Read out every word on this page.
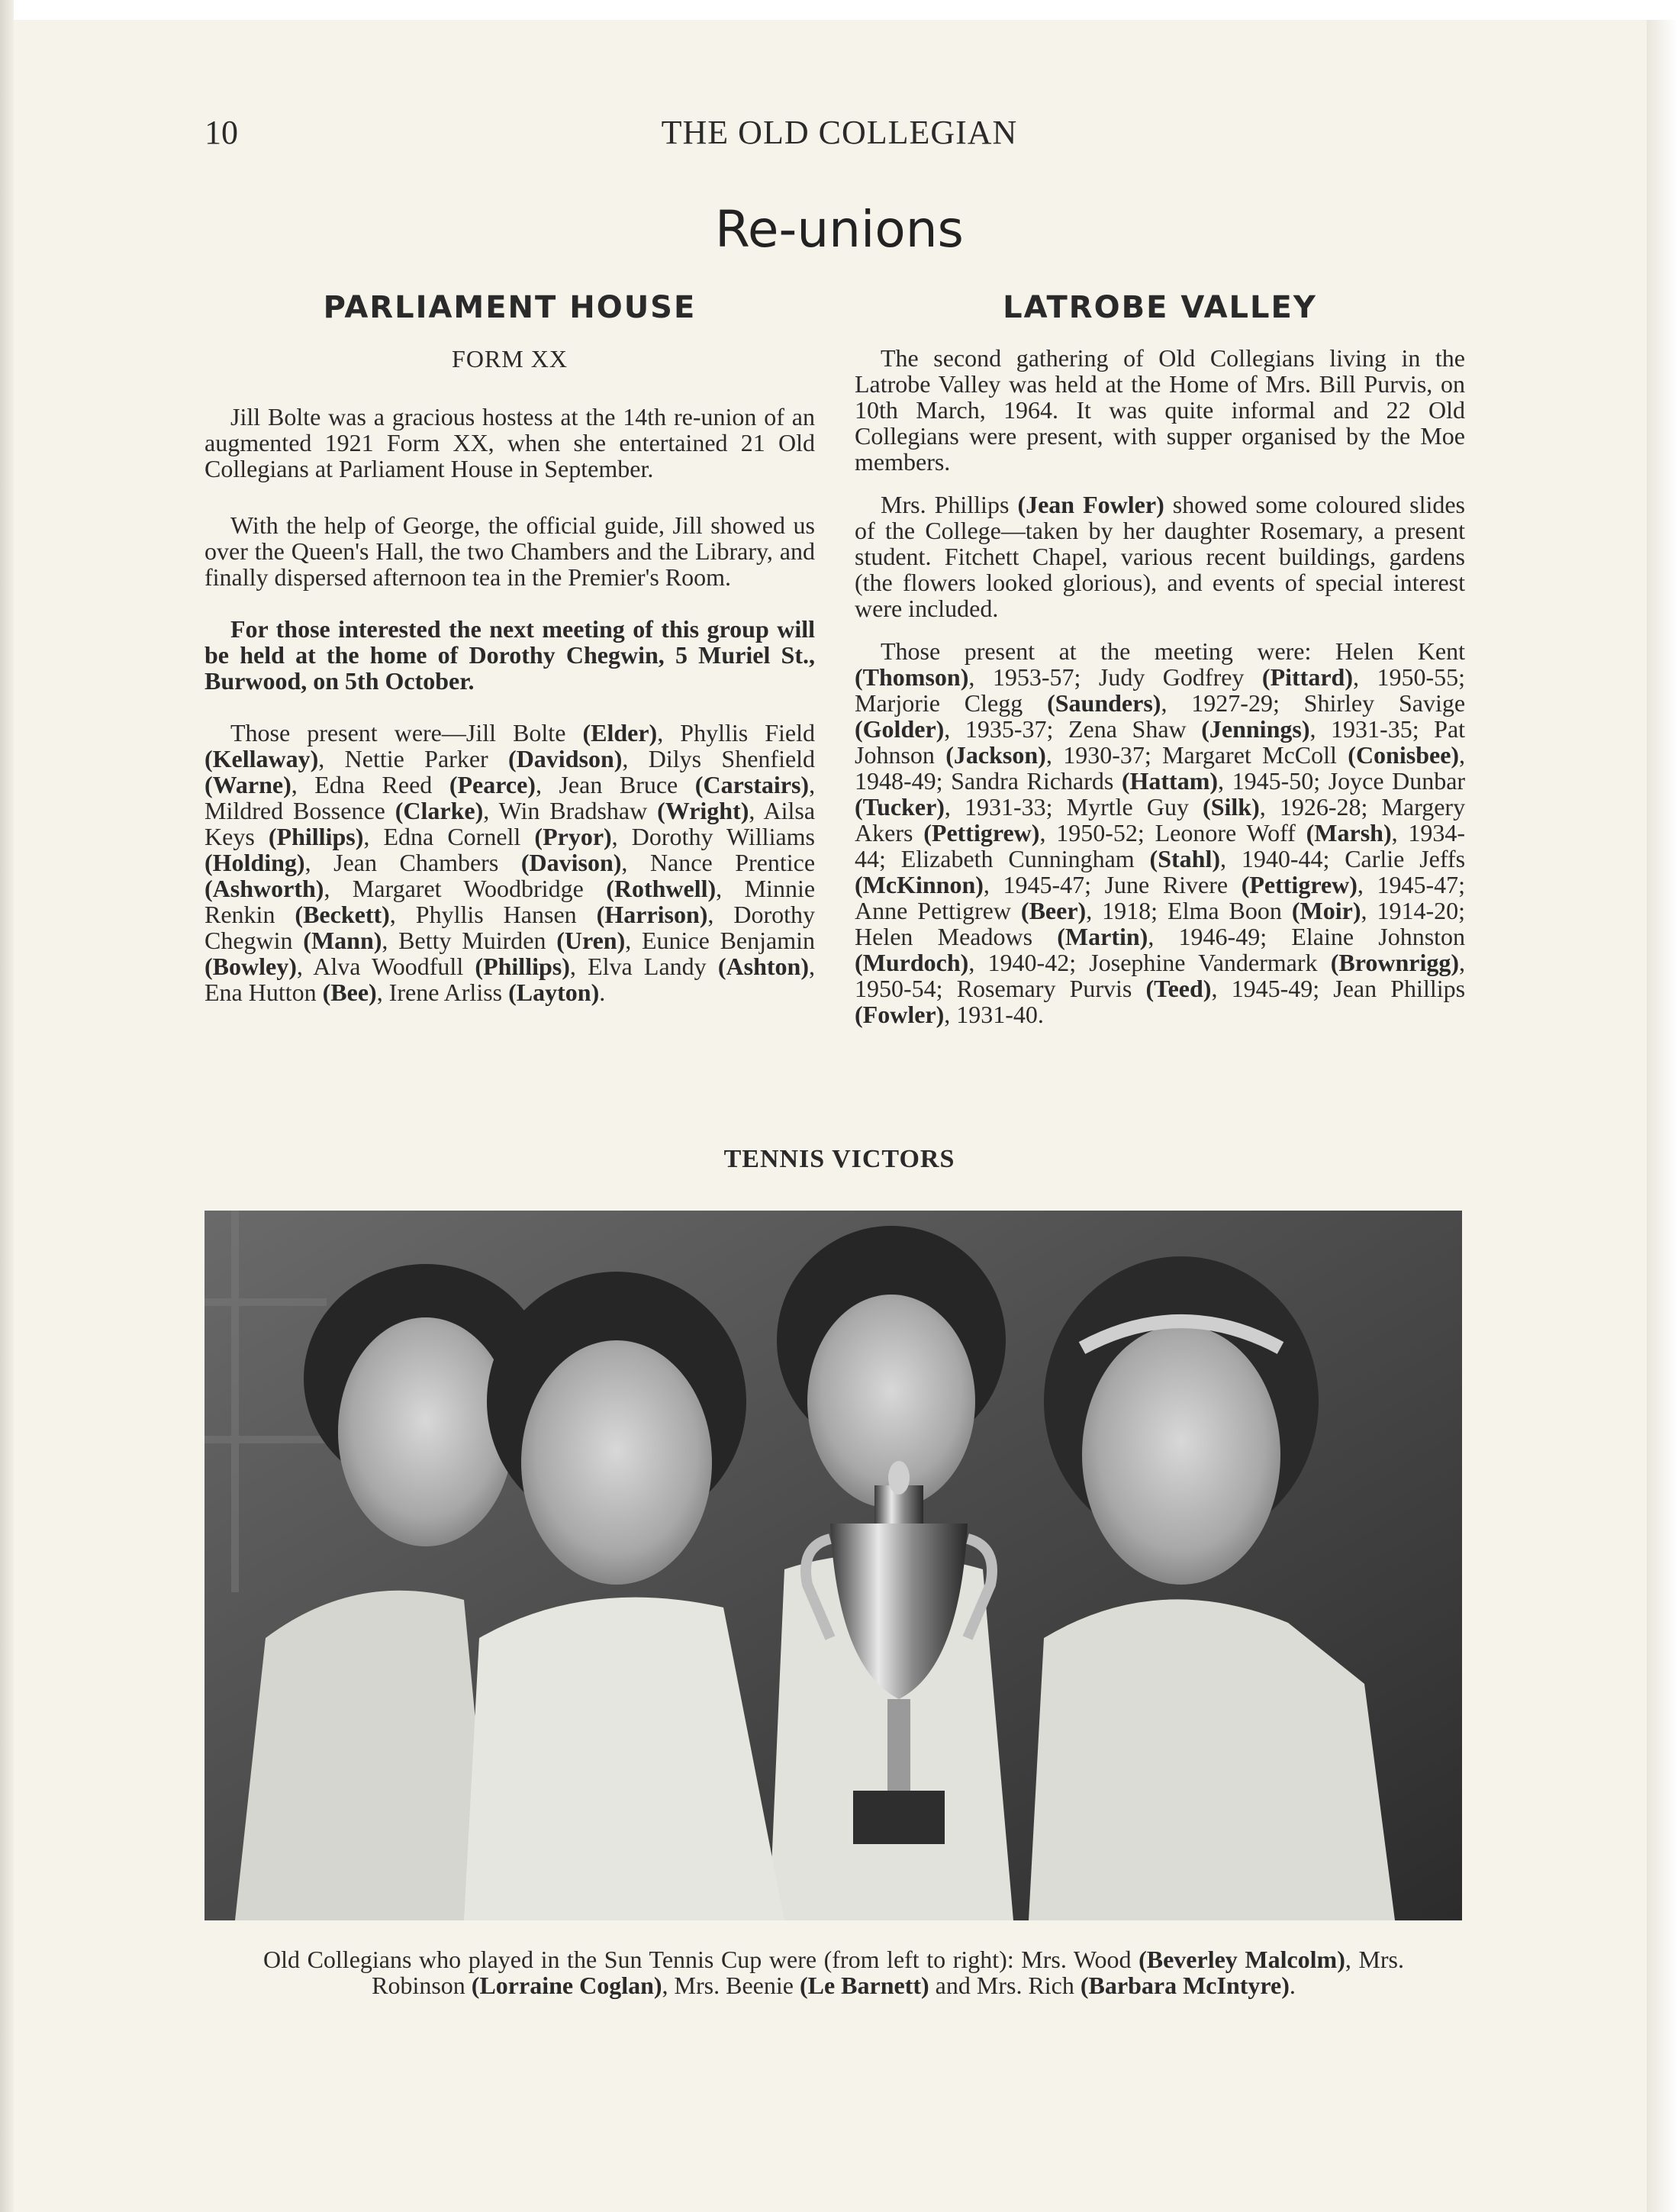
10	THE OLD COLLEGIAN
Re-unions
PARLIAMENT HOUSE
FORM XX

Jill Bolte was a gracious hostess at the 14th re-union of an augmented 1921 Form XX, when she entertained 21 Old Collegians at Parliament House in September.

With the help of George, the official guide, Jill showed us over the Queen's Hall, the two Chambers and the Library, and finally dispersed afternoon tea in the Premier's Room.

For those interested the next meeting of this group will be held at the home of Dorothy Chegwin, 5 Muriel St., Burwood, on 5th October.

Those present were—Jill Bolte (Elder), Phyllis Field (Kellaway), Nettie Parker (Davidson), Dilys Shenfield (Warne), Edna Reed (Pearce), Jean Bruce (Carstairs), Mildred Bossence (Clarke), Win Bradshaw (Wright), Ailsa Keys (Phillips), Edna Cornell (Pryor), Dorothy Williams (Holding), Jean Chambers (Davison), Nance Prentice (Ashworth), Margaret Woodbridge (Rothwell), Minnie Renkin (Beckett), Phyllis Hansen (Harrison), Dorothy Chegwin (Mann), Betty Muirden (Uren), Eunice Benjamin (Bowley), Alva Woodfull (Phillips), Elva Landy (Ashton), Ena Hutton (Bee), Irene Arliss (Layton).

LATROBE VALLEY

The second gathering of Old Collegians living in the Latrobe Valley was held at the Home of Mrs. Bill Purvis, on 10th March, 1964. It was quite informal and 22 Old Collegians were present, with supper organised by the Moe members.

Mrs. Phillips (Jean Fowler) showed some coloured slides of the College—taken by her daughter Rosemary, a present student. Fitchett Chapel, various recent buildings, gardens (the flowers looked glorious), and events of special interest were included.

Those present at the meeting were: Helen Kent (Thomson), 1953-57; Judy Godfrey (Pittard), 1950-55; Marjorie Clegg (Saunders), 1927-29; Shirley Savige (Golder), 1935-37; Zena Shaw (Jennings), 1931-35; Pat Johnson (Jackson), 1930-37; Margaret McColl (Conisbee), 1948-49; Sandra Richards (Hattam), 1945-50; Joyce Dunbar (Tucker), 1931-33; Myrtle Guy (Silk), 1926-28; Margery Akers (Pettigrew), 1950-52; Leonore Woff (Marsh), 1934-44; Elizabeth Cunningham (Stahl), 1940-44; Carlie Jeffs (McKinnon), 1945-47; June Rivere (Pettigrew), 1945-47; Anne Pettigrew (Beer), 1918; Elma Boon (Moir), 1914-20; Helen Meadows (Martin), 1946-49; Elaine Johnston (Murdoch), 1940-42; Josephine Vandermark (Brownrigg), 1950-54; Rosemary Purvis (Teed), 1945-49; Jean Phillips (Fowler), 1931-40.

TENNIS VICTORS
Old Collegians who played in the Sun Tennis Cup were (from left to right): Mrs. Wood (Beverley Malcolm), Mrs. Robinson (Lorraine Coglan), Mrs. Beenie (Le Barnett) and Mrs. Rich (Barbara McIntyre).
